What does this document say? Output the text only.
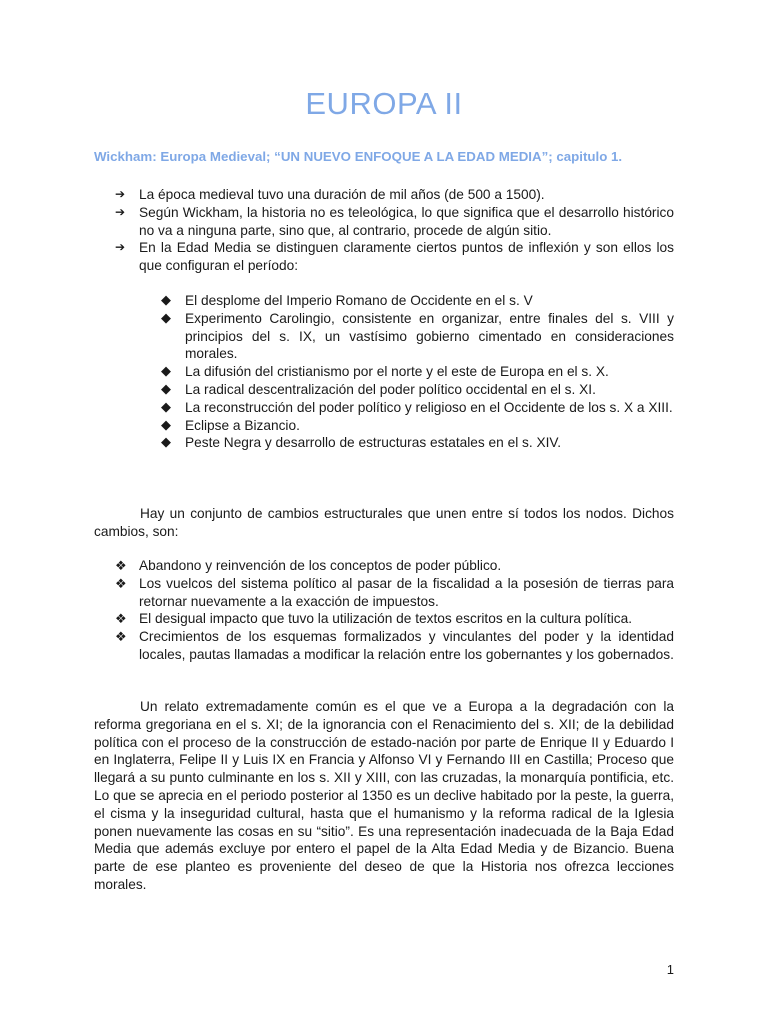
EUROPA II
Wickham: Europa Medieval; “UN NUEVO ENFOQUE A LA EDAD MEDIA”; capitulo 1.
➔ La época medieval tuvo una duración de mil años (de 500 a 1500).
➔ Según Wickham, la historia no es teleológica, lo que significa que el desarrollo histórico no va a ninguna parte, sino que, al contrario, procede de algún sitio.
➔ En la Edad Media se distinguen claramente ciertos puntos de inflexión y son ellos los que configuran el período:
◆ El desplome del Imperio Romano de Occidente en el s. V
◆ Experimento Carolingio, consistente en organizar, entre finales del s. VIII y principios del s. IX, un vastísimo gobierno cimentado en consideraciones morales.
◆ La difusión del cristianismo por el norte y el este de Europa en el s. X.
◆ La radical descentralización del poder político occidental en el s. XI.
◆ La reconstrucción del poder político y religioso en el Occidente de los s. X a XIII.
◆ Eclipse a Bizancio.
◆ Peste Negra y desarrollo de estructuras estatales en el s. XIV.

Hay un conjunto de cambios estructurales que unen entre sí todos los nodos. Dichos cambios, son:

❖ Abandono y reinvención de los conceptos de poder público.
❖ Los vuelcos del sistema político al pasar de la fiscalidad a la posesión de tierras para retornar nuevamente a la exacción de impuestos.
❖ El desigual impacto que tuvo la utilización de textos escritos en la cultura política.
❖ Crecimientos de los esquemas formalizados y vinculantes del poder y la identidad locales, pautas llamadas a modificar la relación entre los gobernantes y los gobernados.

Un relato extremadamente común es el que ve a Europa a la degradación con la reforma gregoriana en el s. XI; de la ignorancia con el Renacimiento del s. XII; de la debilidad política con el proceso de la construcción de estado-nación por parte de Enrique II y Eduardo I en Inglaterra, Felipe II y Luis IX en Francia y Alfonso VI y Fernando III en Castilla; Proceso que llegará a su punto culminante en los s. XII y XIII, con las cruzadas, la monarquía pontificia, etc. Lo que se aprecia en el periodo posterior al 1350 es un declive habitado por la peste, la guerra, el cisma y la inseguridad cultural, hasta que el humanismo y la reforma radical de la Iglesia ponen nuevamente las cosas en su “sitio”. Es una representación inadecuada de la Baja Edad Media que además excluye por entero el papel de la Alta Edad Media y de Bizancio. Buena parte de ese planteo es proveniente del deseo de que la Historia nos ofrezca lecciones morales.

1
